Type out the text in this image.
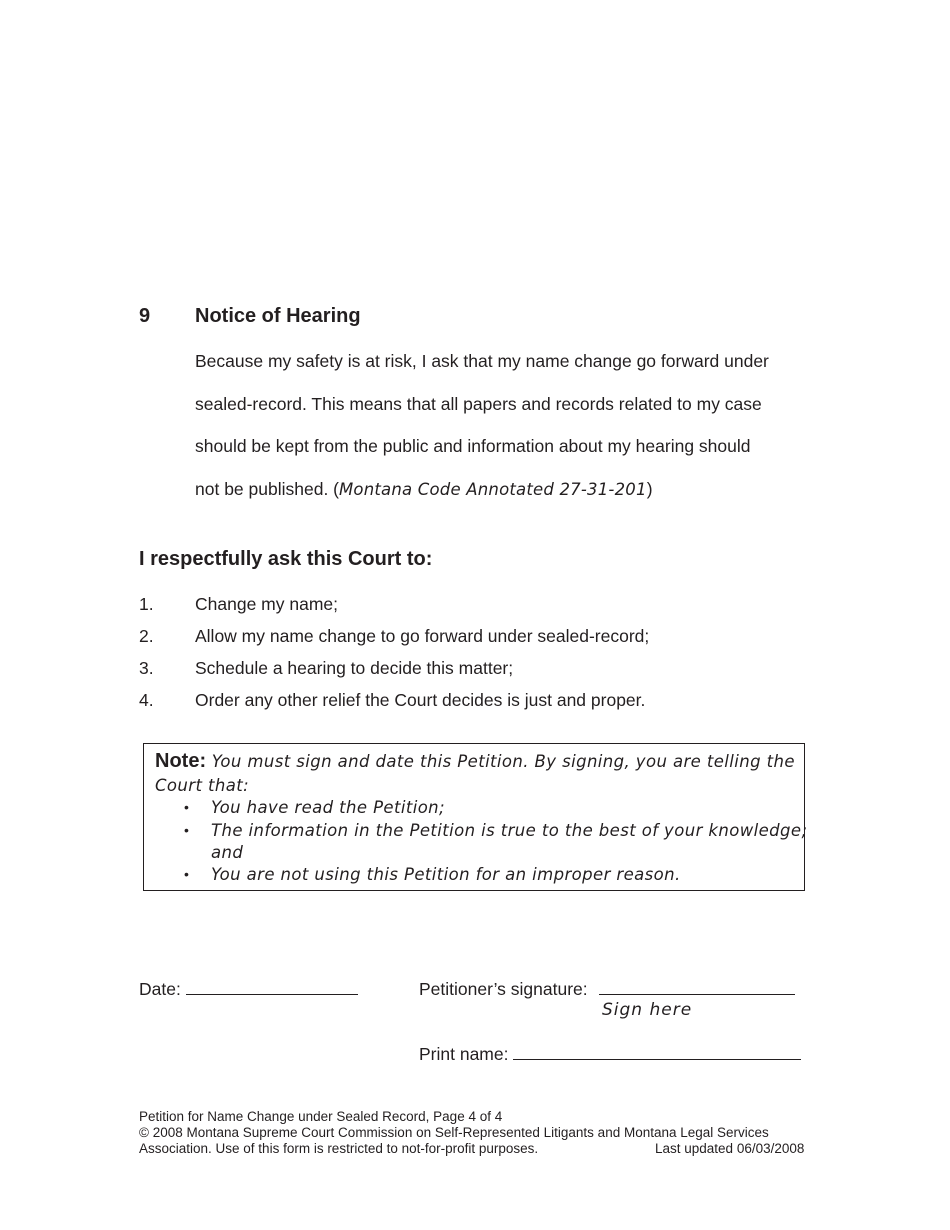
9 Notice of Hearing
Because my safety is at risk, I ask that my name change go forward under
sealed-record. This means that all papers and records related to my case
should be kept from the public and information about my hearing should
not be published. (Montana Code Annotated 27-31-201)
I respectfully ask this Court to:
1. Change my name;
2. Allow my name change to go forward under sealed-record;
3. Schedule a hearing to decide this matter;
4. Order any other relief the Court decides is just and proper.
Note: You must sign and date this Petition. By signing, you are telling the
Court that:
• You have read the Petition;
• The information in the Petition is true to the best of your knowledge;
and
• You are not using this Petition for an improper reason.
Date:	Petitioner’s signature:
Sign here
Print name:
Petition for Name Change under Sealed Record, Page 4 of 4
© 2008 Montana Supreme Court Commission on Self-Represented Litigants and Montana Legal Services
Association. Use of this form is restricted to not-for-profit purposes.	Last updated 06/03/2008
